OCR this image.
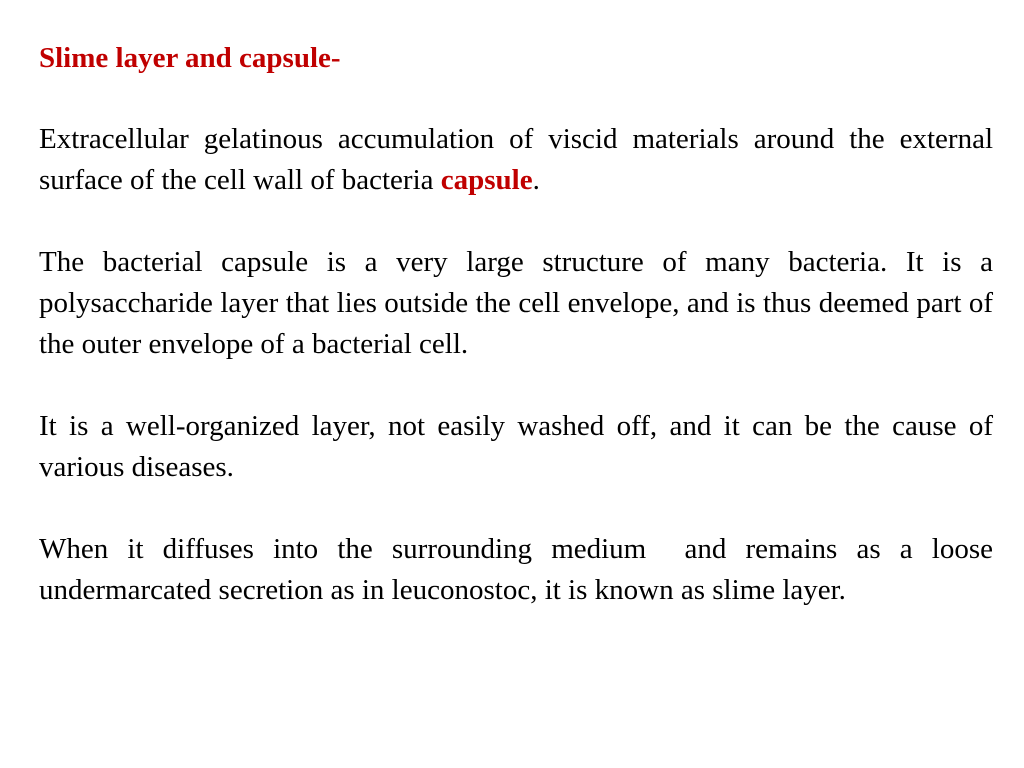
Slime layer and capsule-
Extracellular gelatinous accumulation of viscid materials around the external surface of the cell wall of bacteria capsule.
The bacterial capsule is a very large structure of many bacteria. It is a polysaccharide layer that lies outside the cell envelope, and is thus deemed part of the outer envelope of a bacterial cell.
It is a well-organized layer, not easily washed off, and it can be the cause of various diseases.
When it diffuses into the surrounding medium  and remains as a loose undermarcated secretion as in leuconostoc, it is known as slime layer.
